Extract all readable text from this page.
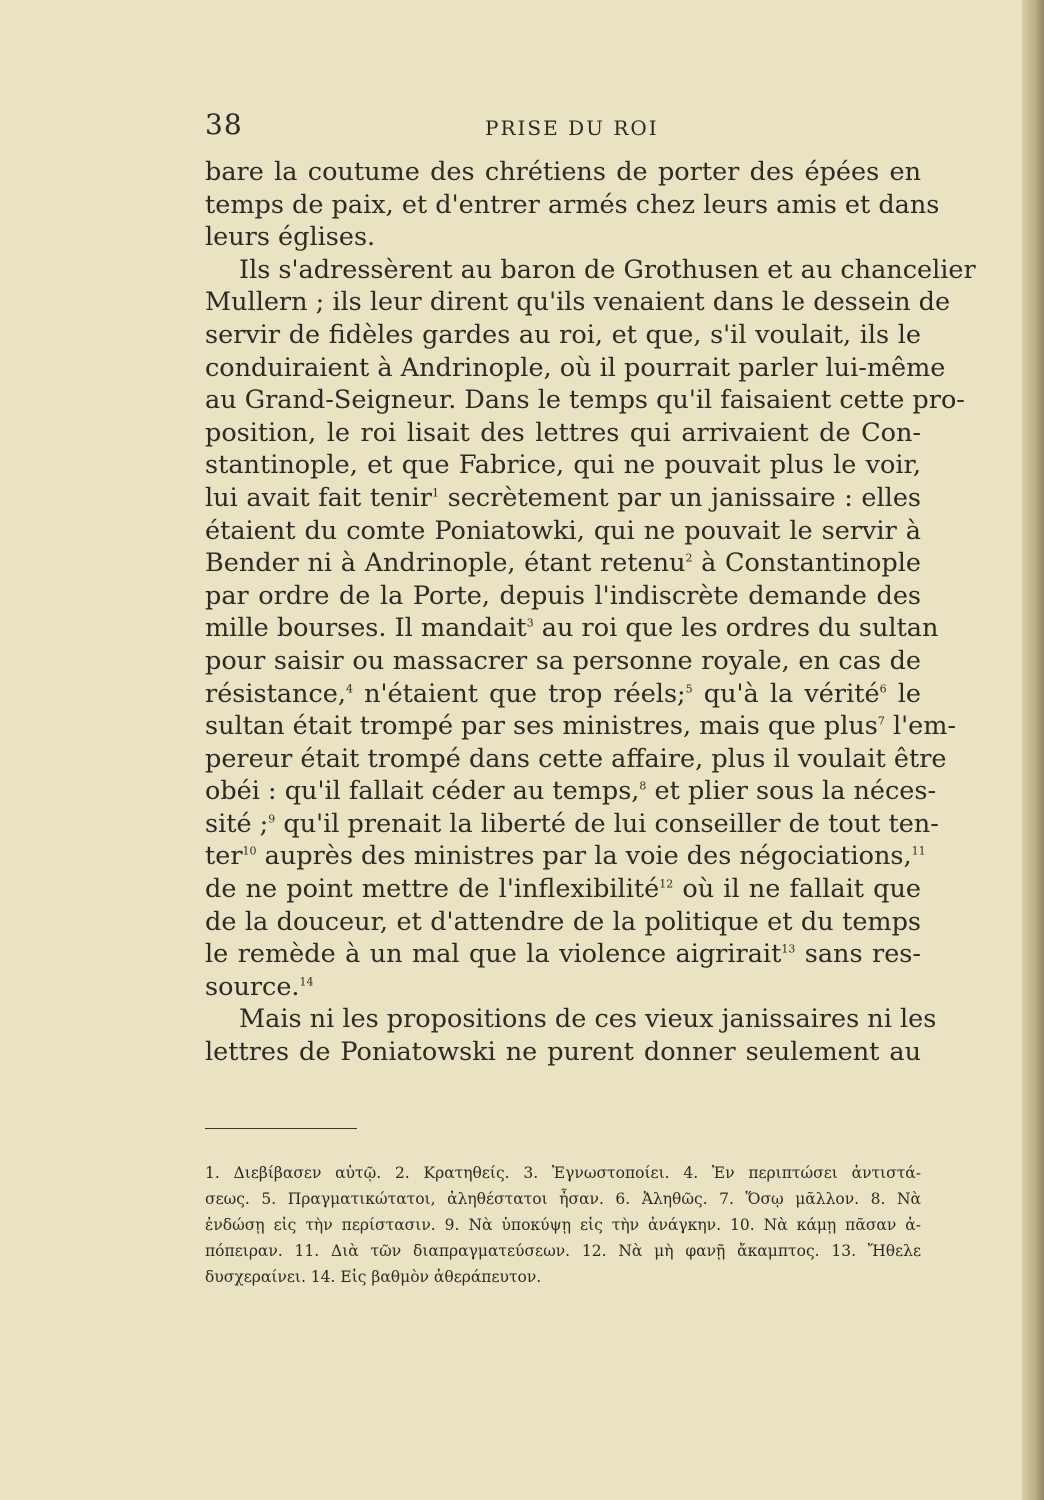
38	PRISE DU ROI
bare la coutume des chrétiens de porter des épées en
temps de paix, et d'entrer armés chez leurs amis et dans
leurs églises.
Ils s'adressèrent au baron de Grothusen et au chancelier
Mullern ; ils leur dirent qu'ils venaient dans le dessein de
servir de fidèles gardes au roi, et que, s'il voulait, ils le
conduiraient à Andrinople, où il pourrait parler lui-même
au Grand-Seigneur. Dans le temps qu'il faisaient cette pro-
position, le roi lisait des lettres qui arrivaient de Con-
stantinople, et que Fabrice, qui ne pouvait plus le voir,
lui avait fait tenir$^1$ secrètement par un janissaire : elles
étaient du comte Poniatowki, qui ne pouvait le servir à
Bender ni à Andrinople, étant retenu$^2$ à Constantinople
par ordre de la Porte, depuis l'indiscrète demande des
mille bourses. Il mandait$^3$ au roi que les ordres du sultan
pour saisir ou massacrer sa personne royale, en cas de
résistance,$^4$ n'étaient que trop réels;$^5$ qu'à la vérité$^6$ le
sultan était trompé par ses ministres, mais que plus$^7$ l'em-
pereur était trompé dans cette affaire, plus il voulait être
obéi : qu'il fallait céder au temps,$^8$ et plier sous la néces-
sité ;$^9$ qu'il prenait la liberté de lui conseiller de tout ten-
ter$^{10}$ auprès des ministres par la voie des négociations,$^{11}$
de ne point mettre de l'inflexibilité$^{12}$ où il ne fallait que
de la douceur, et d'attendre de la politique et du temps
le remède à un mal que la violence aigrirait$^{13}$ sans res-
source.$^{14}$
Mais ni les propositions de ces vieux janissaires ni les
lettres de Poniatowski ne purent donner seulement au
1. Διεβίβασεν αὐτῷ. 2. Κρατηθείς. 3. Ἐγνωστοποίει. 4. Ἐν περιπτώσει ἀντιστά-
σεως. 5. Πραγματικώτατοι, ἀληθέστατοι ἦσαν. 6. Ἀληθῶς. 7. Ὅσῳ μᾶλλον. 8. Νὰ
ἐνδώσῃ εἰς τὴν περίστασιν. 9. Νὰ ὑποκύψῃ εἰς τὴν ἀνάγκην. 10. Νὰ κάμῃ πᾶσαν ἀ-
πόπειραν. 11. Διὰ τῶν διαπραγματεύσεων. 12. Νὰ μὴ φανῇ ἄκαμπτος. 13. Ἤθελε
δυσχεραίνει. 14. Εἰς βαθμὸν ἀθεράπευτον.
